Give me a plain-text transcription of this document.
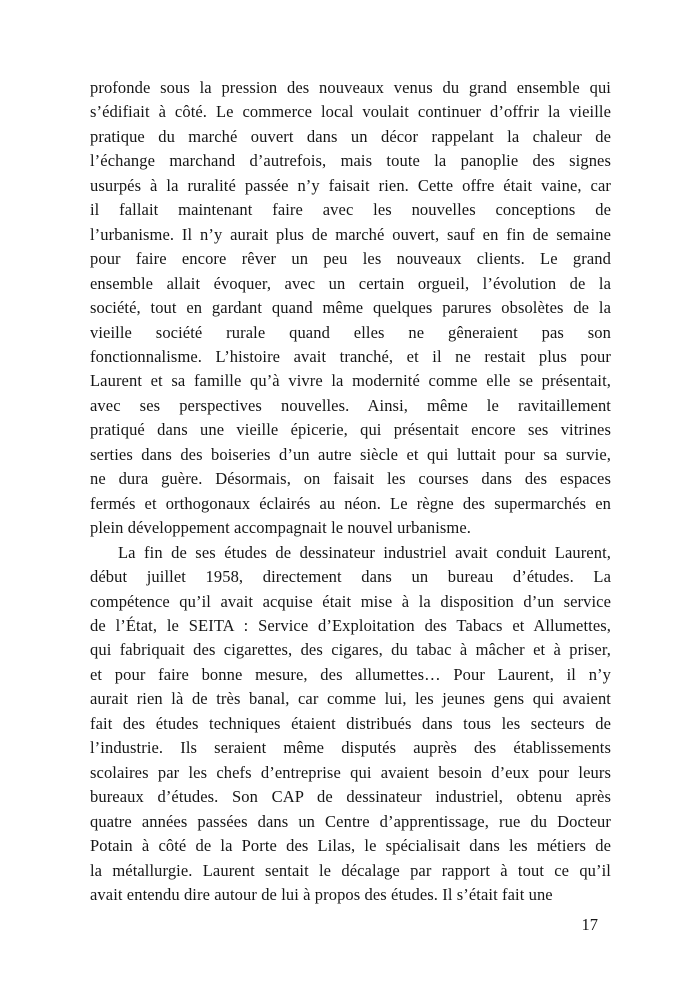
profonde sous la pression des nouveaux venus du grand ensemble qui
s’édifiait à côté. Le commerce local voulait continuer d’offrir la vieille
pratique du marché ouvert dans un décor rappelant la chaleur de
l’échange marchand d’autrefois, mais toute la panoplie des signes
usurpés à la ruralité passée n’y faisait rien. Cette offre était vaine, car
il fallait maintenant faire avec les nouvelles conceptions de
l’urbanisme. Il n’y aurait plus de marché ouvert, sauf en fin de semaine
pour faire encore rêver un peu les nouveaux clients. Le grand
ensemble allait évoquer, avec un certain orgueil, l’évolution de la
société, tout en gardant quand même quelques parures obsolètes de la
vieille société rurale quand elles ne gêneraient pas son
fonctionnalisme. L’histoire avait tranché, et il ne restait plus pour
Laurent et sa famille qu’à vivre la modernité comme elle se présentait,
avec ses perspectives nouvelles. Ainsi, même le ravitaillement
pratiqué dans une vieille épicerie, qui présentait encore ses vitrines
serties dans des boiseries d’un autre siècle et qui luttait pour sa survie,
ne dura guère. Désormais, on faisait les courses dans des espaces
fermés et orthogonaux éclairés au néon. Le règne des supermarchés en
plein développement accompagnait le nouvel urbanisme.
La fin de ses études de dessinateur industriel avait conduit Laurent,
début juillet 1958, directement dans un bureau d’études. La
compétence qu’il avait acquise était mise à la disposition d’un service
de l’État, le SEITA : Service d’Exploitation des Tabacs et Allumettes,
qui fabriquait des cigarettes, des cigares, du tabac à mâcher et à priser,
et pour faire bonne mesure, des allumettes… Pour Laurent, il n’y
aurait rien là de très banal, car comme lui, les jeunes gens qui avaient
fait des études techniques étaient distribués dans tous les secteurs de
l’industrie. Ils seraient même disputés auprès des établissements
scolaires par les chefs d’entreprise qui avaient besoin d’eux pour leurs
bureaux d’études. Son CAP de dessinateur industriel, obtenu après
quatre années passées dans un Centre d’apprentissage, rue du Docteur
Potain à côté de la Porte des Lilas, le spécialisait dans les métiers de
la métallurgie. Laurent sentait le décalage par rapport à tout ce qu’il
avait entendu dire autour de lui à propos des études. Il s’était fait une
17
